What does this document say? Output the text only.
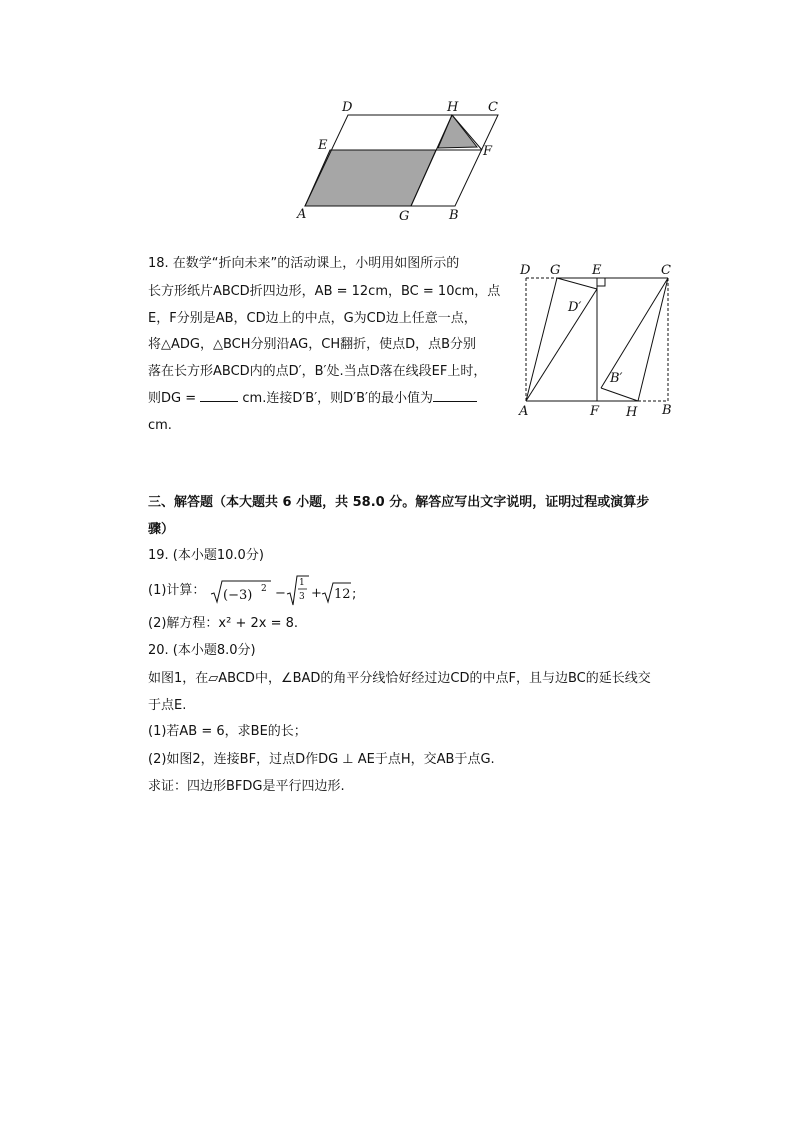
D	H C
E	F
A	G	B
18. 在数学“折向未来”的活动课上，小明用如图所示的
长方形纸片ABCD折四边形，AB = 12cm，BC = 10cm，点
E，F分别是AB，CD边上的中点，G为CD边上任意一点，
将△ADG，△BCH分别沿AG，CH翻折，使点D，点B分别
落在长方形ABCD内的点D′，B′处.当点D落在线段EF上时，
则DG =	cm.连接D′B′，则D′B′的最小值为
cm.
D G E	C
D′
B′
A	F H B
三、解答题（本大题共 6 小题，共 58.0 分。解答应写出文字说明，证明过程或演算步
骤）
19. (本小题10.0分)
(1)计算： (−3) 2 −
1
3 + 12 ;
(2)解方程：x² + 2x = 8.
20. (本小题8.0分)
如图1，在▱ABCD中，∠BAD的角平分线恰好经过边CD的中点F，且与边BC的延长线交
于点E.
(1)若AB = 6，求BE的长；
(2)如图2，连接BF，过点D作DG ⊥ AE于点H，交AB于点G.
求证：四边形BFDG是平行四边形.
